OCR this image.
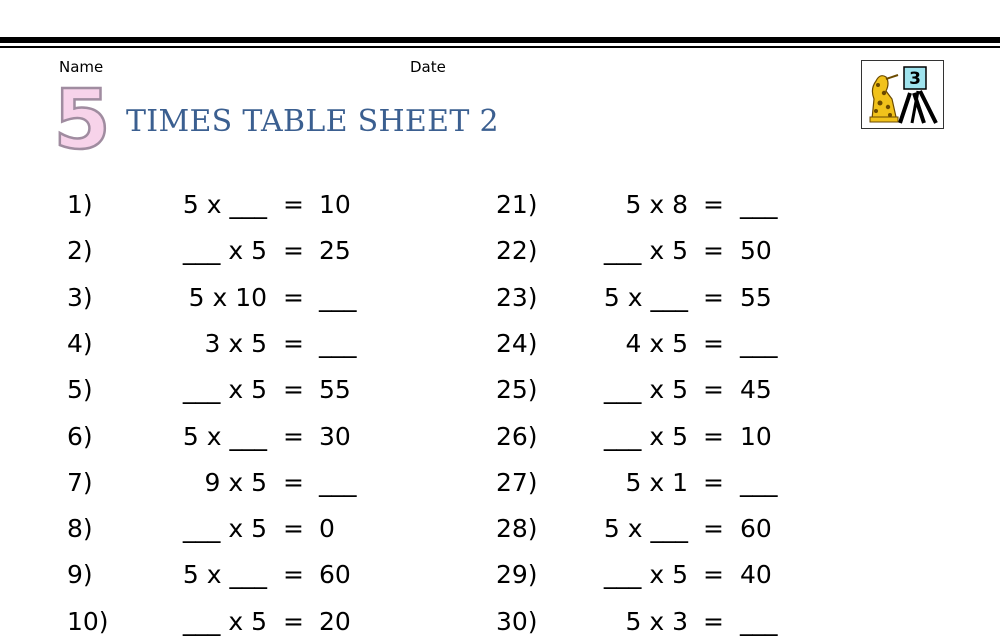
Name	Date
5 TIMES TABLE SHEET 2
3
1)	5 x ___ = 10
2)	___ x 5 = 25
3)	5 x 10 = ___
4)	3 x 5 = ___
5)	___ x 5 = 55
6)	5 x ___ = 30
7)	9 x 5 = ___
8)	___ x 5 = 0
9)	5 x ___ = 60
10)	___ x 5 = 20
21)	5 x 8 = ___
22)	___ x 5 = 50
23)	5 x ___ = 55
24)	4 x 5 = ___
25)	___ x 5 = 45
26)	___ x 5 = 10
27)	5 x 1 = ___
28)	5 x ___ = 60
29)	___ x 5 = 40
30)	5 x 3 = ___
